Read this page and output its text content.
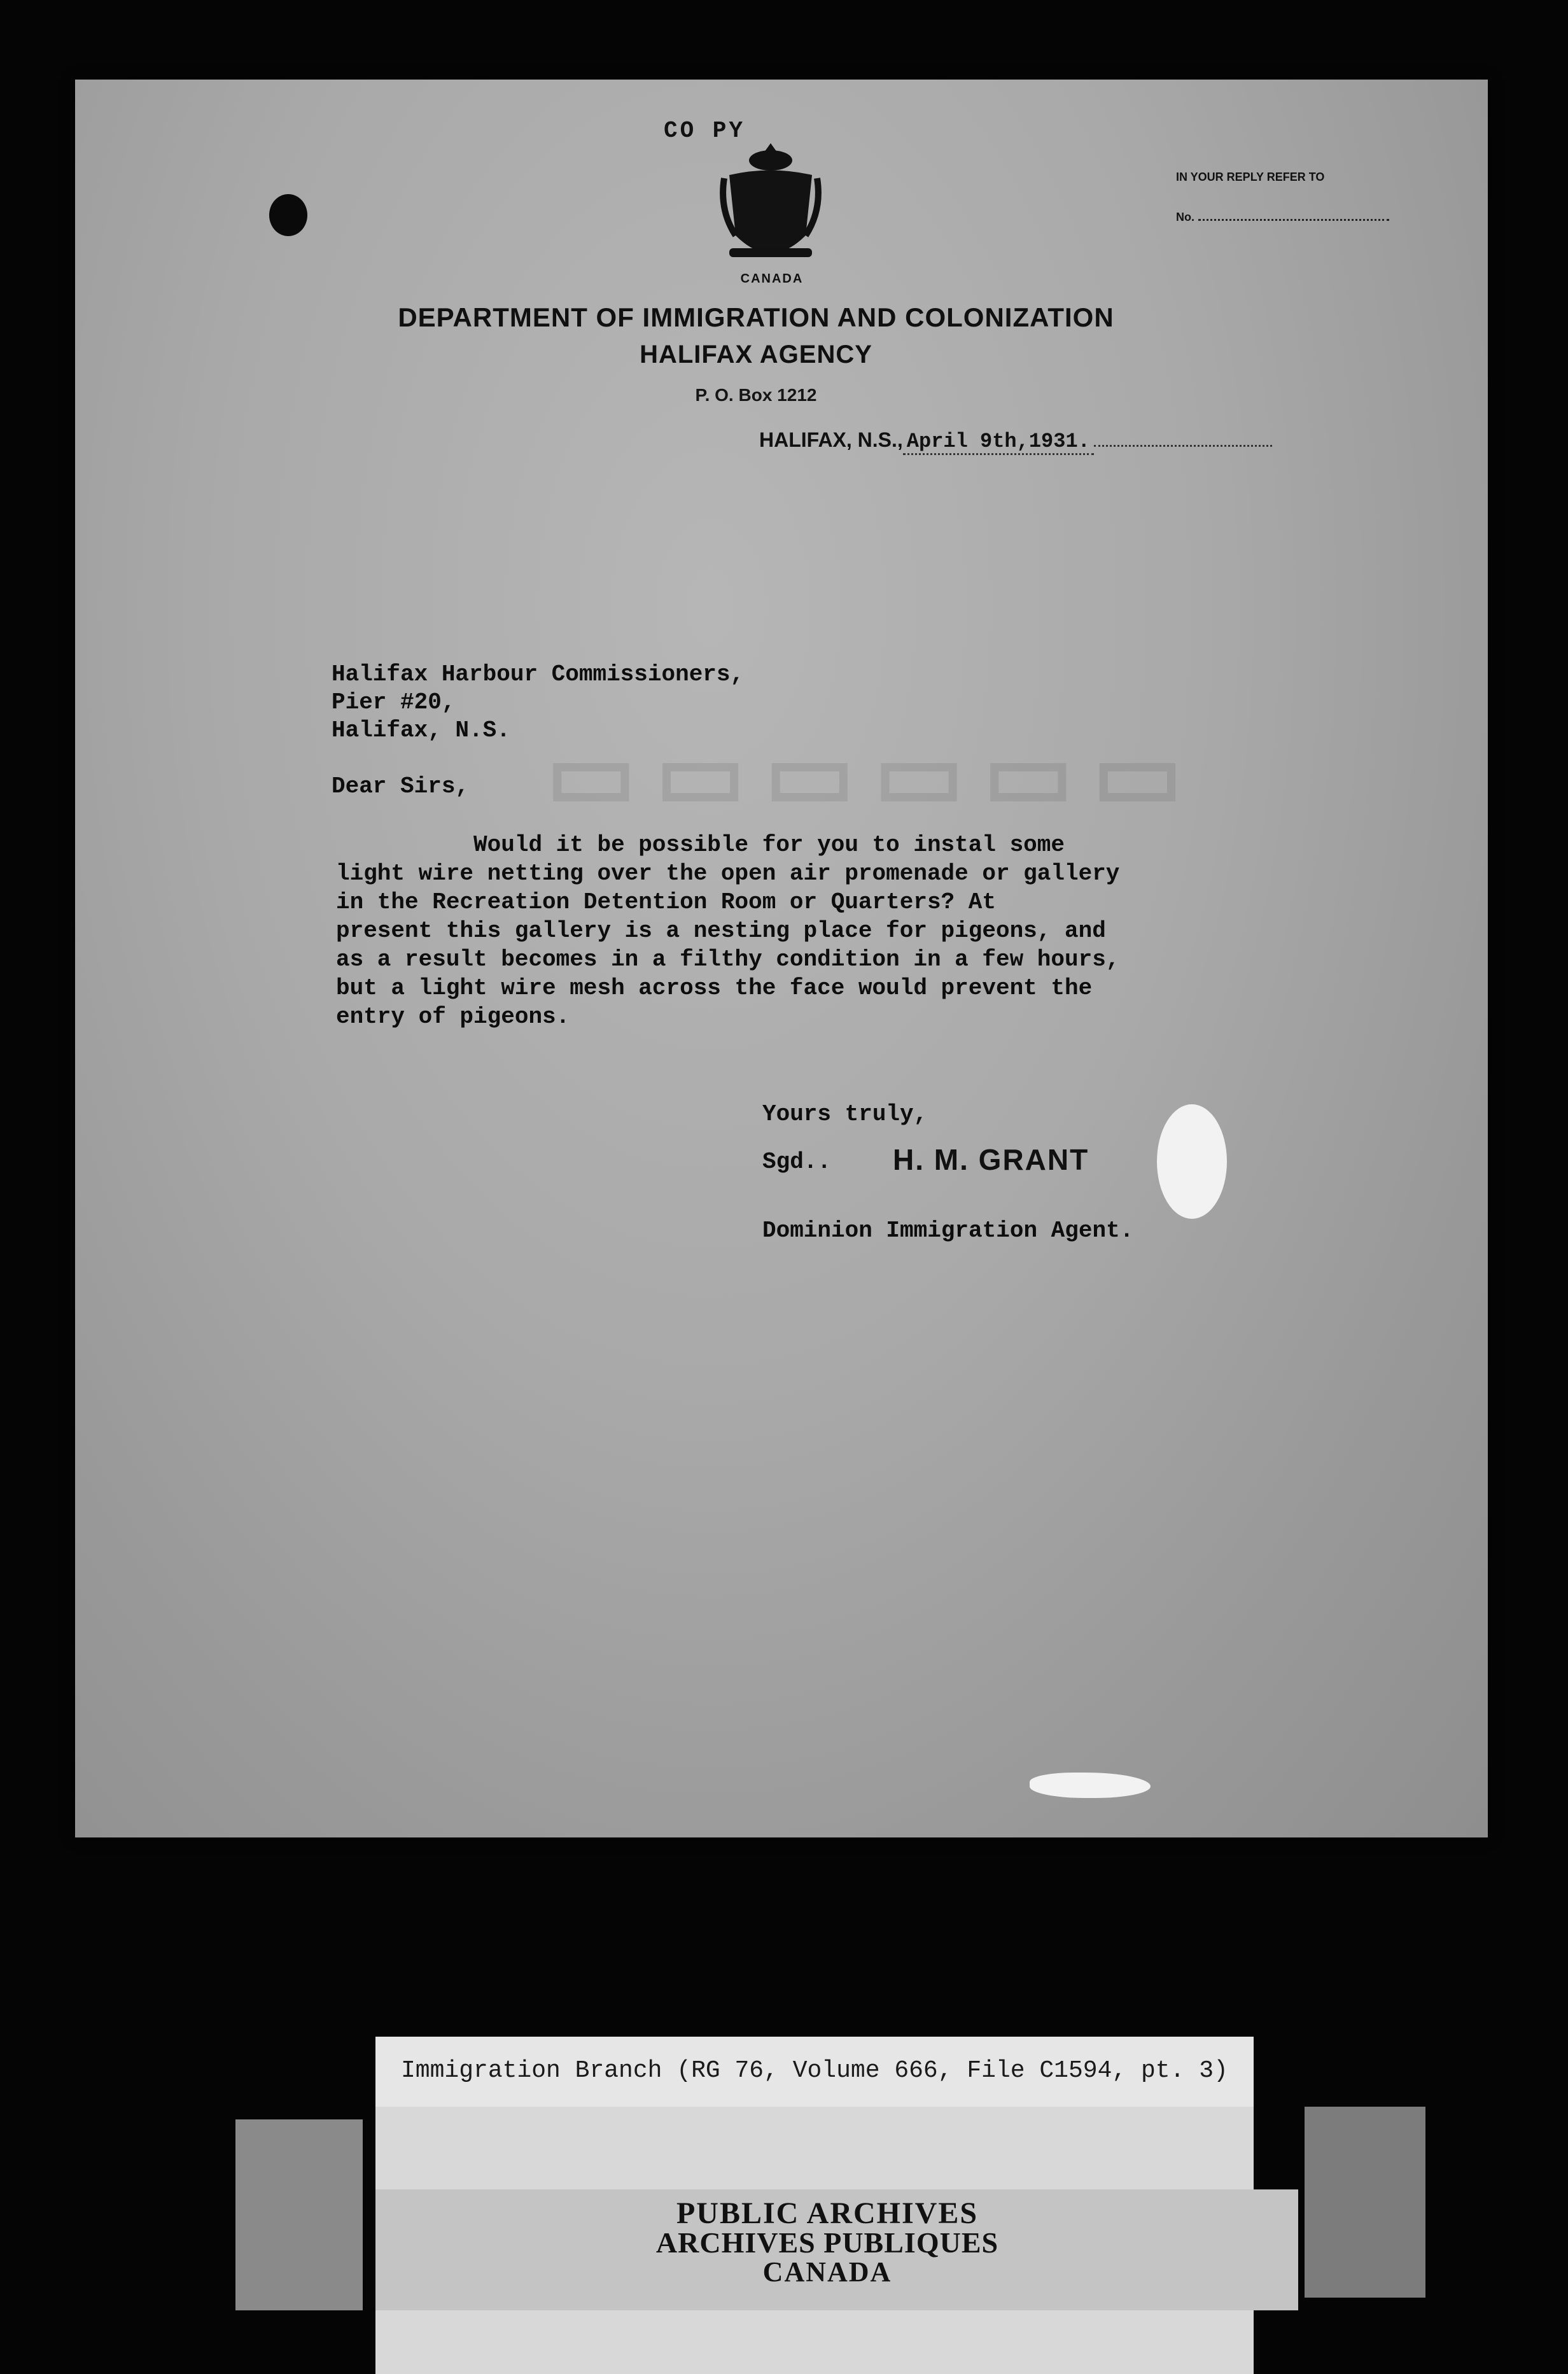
CO PY
CANADA
IN YOUR REPLY REFER TO
No.
DEPARTMENT OF IMMIGRATION AND COLONIZATION
HALIFAX AGENCY
P. O. Box 1212
HALIFAX, N.S., April 9th,1931.
▭▭▭▭▭▭
Halifax Harbour Commissioners,
Pier #20,
Halifax, N.S.
Dear Sirs,
Would it be possible for you to instal some
light wire netting over the open air promenade or gallery
in the Recreation Detention Room or Quarters? At
present this gallery is a nesting place for pigeons, and
as a result becomes in a filthy condition in a few hours,
but a light wire mesh across the face would prevent the
entry of pigeons.
Yours truly,
Sgd.. H. M. GRANT
Dominion Immigration Agent.
Immigration Branch (RG 76, Volume 666, File C1594, pt. 3)
PUBLIC ARCHIVES
ARCHIVES PUBLIQUES
CANADA
